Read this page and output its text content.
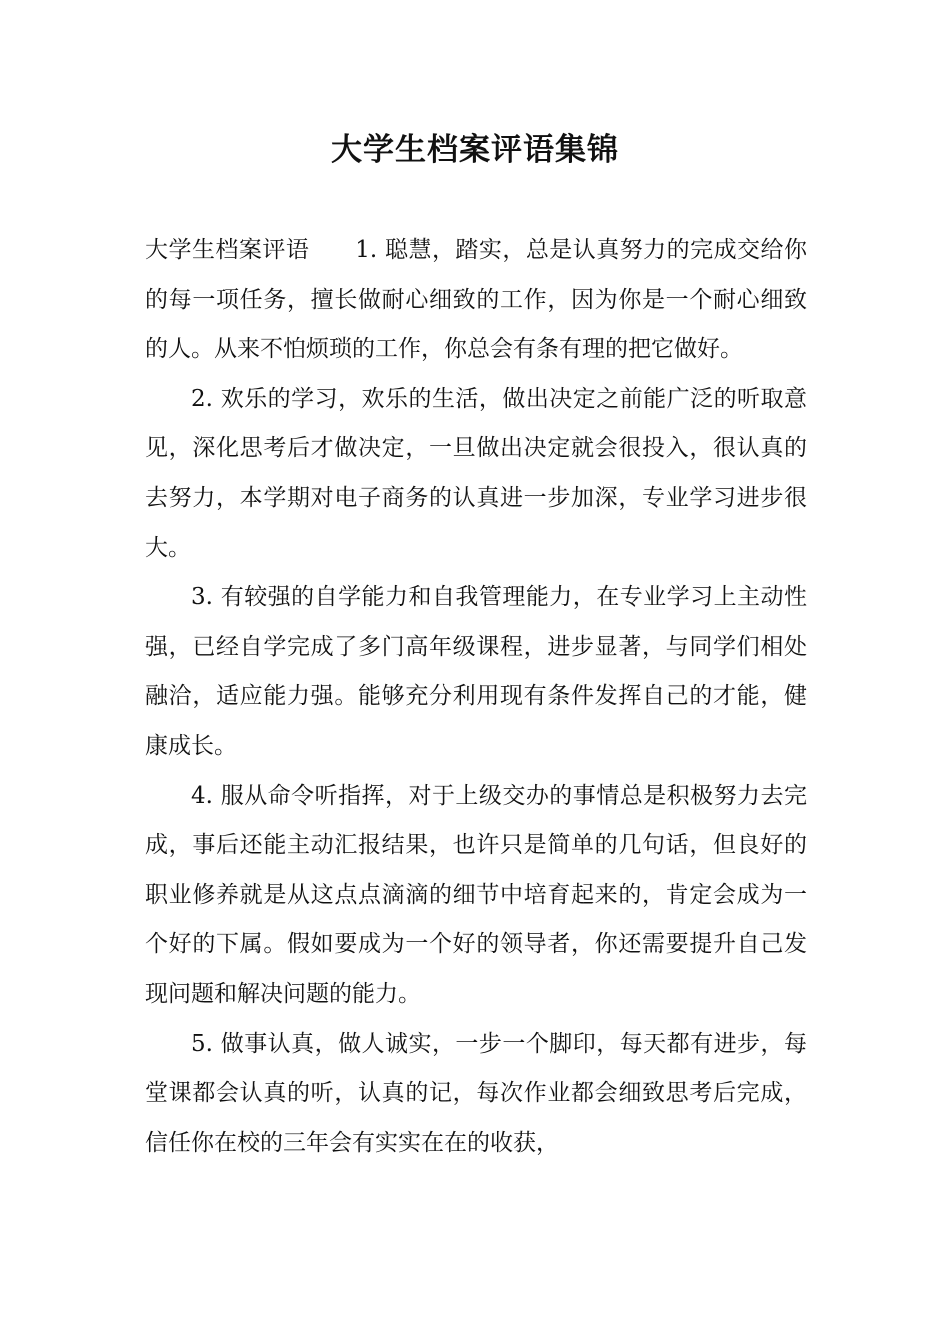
大学生档案评语集锦

大学生档案评语 1. 聪慧，踏实，总是认真努力的完成交给你的每一项任务，擅长做耐心细致的工作，因为你是一个耐心细致的人。从来不怕烦琐的工作，你总会有条有理的把它做好。

2. 欢乐的学习，欢乐的生活，做出决定之前能广泛的听取意见，深化思考后才做决定，一旦做出决定就会很投入，很认真的去努力，本学期对电子商务的认真进一步加深，专业学习进步很大。

3. 有较强的自学能力和自我管理能力，在专业学习上主动性强，已经自学完成了多门高年级课程，进步显著，与同学们相处融洽，适应能力强。能够充分利用现有条件发挥自己的才能，健康成长。

4. 服从命令听指挥，对于上级交办的事情总是积极努力去完成，事后还能主动汇报结果，也许只是简单的几句话，但良好的职业修养就是从这点点滴滴的细节中培育起来的，肯定会成为一个好的下属。假如要成为一个好的领导者，你还需要提升自己发现问题和解决问题的能力。

5. 做事认真，做人诚实，一步一个脚印，每天都有进步，每堂课都会认真的听，认真的记，每次作业都会细致思考后完成，信任你在校的三年会有实实在在的收获，
